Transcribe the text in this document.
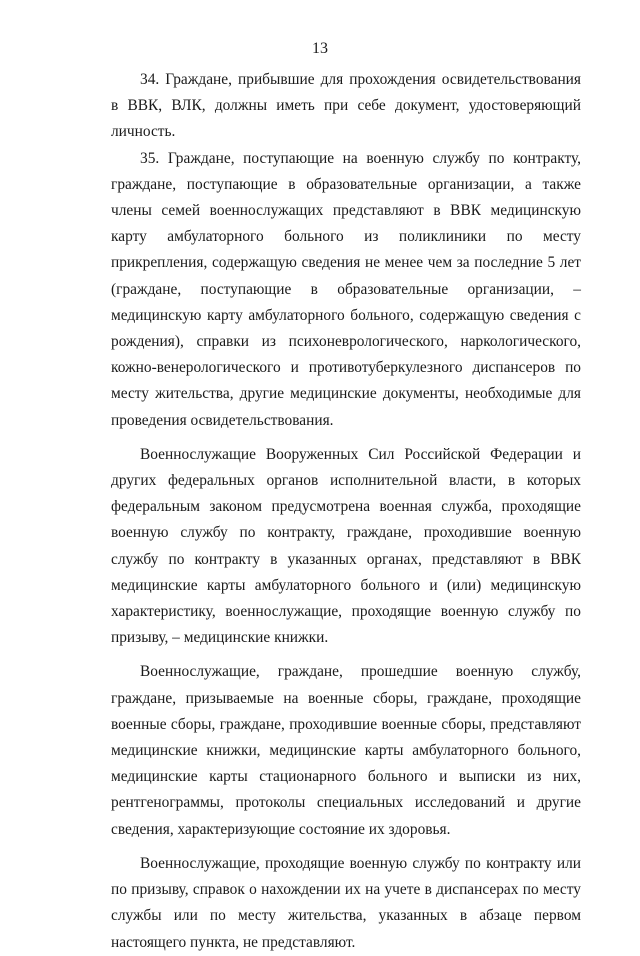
13

34. Граждане, прибывшие для прохождения освидетельствования в ВВК, ВЛК, должны иметь при себе документ, удостоверяющий личность.

35. Граждане, поступающие на военную службу по контракту, граждане, поступающие в образовательные организации, а также члены семей военнослужащих представляют в ВВК медицинскую карту амбулаторного больного из поликлиники по месту прикрепления, содержащую сведения не менее чем за последние 5 лет (граждане, поступающие в образовательные организации, – медицинскую карту амбулаторного больного, содержащую сведения с рождения), справки из психоневрологического, наркологического, кожно-венерологического и противотуберкулезного диспансеров по месту жительства, другие медицинские документы, необходимые для проведения освидетельствования.

Военнослужащие Вооруженных Сил Российской Федерации и других федеральных органов исполнительной власти, в которых федеральным законом предусмотрена военная служба, проходящие военную службу по контракту, граждане, проходившие военную службу по контракту в указанных органах, представляют в ВВК медицинские карты амбулаторного больного и (или) медицинскую характеристику, военнослужащие, проходящие военную службу по призыву, – медицинские книжки.

Военнослужащие, граждане, прошедшие военную службу, граждане, призываемые на военные сборы, граждане, проходящие военные сборы, граждане, проходившие военные сборы, представляют медицинские книжки, медицинские карты амбулаторного больного, медицинские карты стационарного больного и выписки из них, рентгенограммы, протоколы специальных исследований и другие сведения, характеризующие состояние их здоровья.

Военнослужащие, проходящие военную службу по контракту или по призыву, справок о нахождении их на учете в диспансерах по месту службы или по месту жительства, указанных в абзаце первом настоящего пункта, не представляют.
